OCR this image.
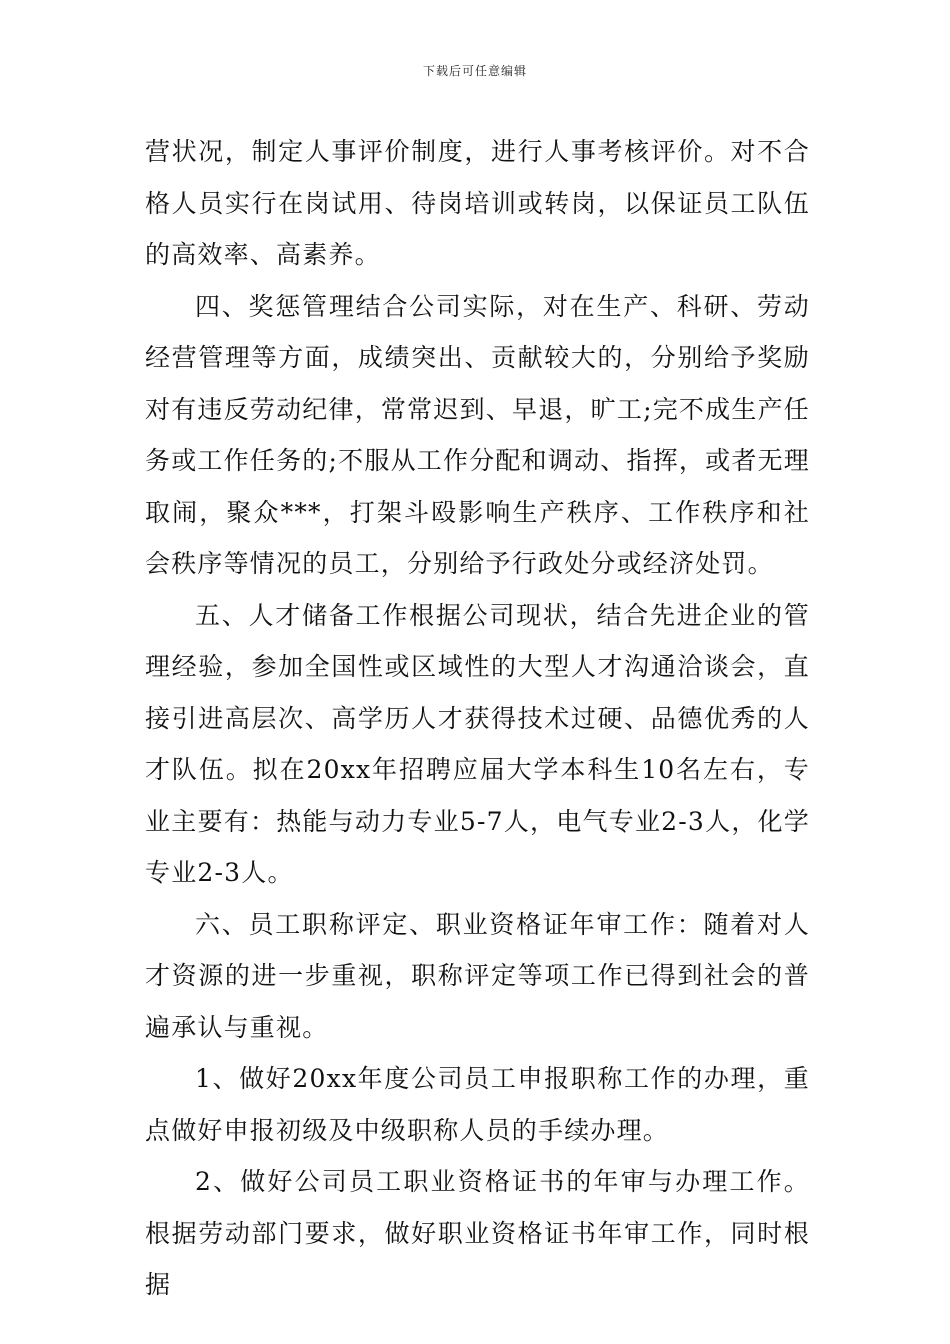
下载后可任意编辑

营状况，制定人事评价制度，进行人事考核评价。对不合格人员实行在岗试用、待岗培训或转岗，以保证员工队伍的高效率、高素养。

四、奖惩管理结合公司实际，对在生产、科研、劳动经营管理等方面，成绩突出、贡献较大的，分别给予奖励对有违反劳动纪律，常常迟到、早退，旷工;完不成生产任务或工作任务的;不服从工作分配和调动、指挥，或者无理取闹，聚众***，打架斗殴影响生产秩序、工作秩序和社会秩序等情况的员工，分别给予行政处分或经济处罚。

五、人才储备工作根据公司现状，结合先进企业的管理经验，参加全国性或区域性的大型人才沟通洽谈会，直接引进高层次、高学历人才获得技术过硬、品德优秀的人才队伍。拟在20xx年招聘应届大学本科生10名左右，专业主要有：热能与动力专业5-7人，电气专业2-3人，化学专业2-3人。

六、员工职称评定、职业资格证年审工作：随着对人才资源的进一步重视，职称评定等项工作已得到社会的普遍承认与重视。

1、做好20xx年度公司员工申报职称工作的办理，重点做好申报初级及中级职称人员的手续办理。

2、做好公司员工职业资格证书的年审与办理工作。根据劳动部门要求，做好职业资格证书年审工作，同时根据
